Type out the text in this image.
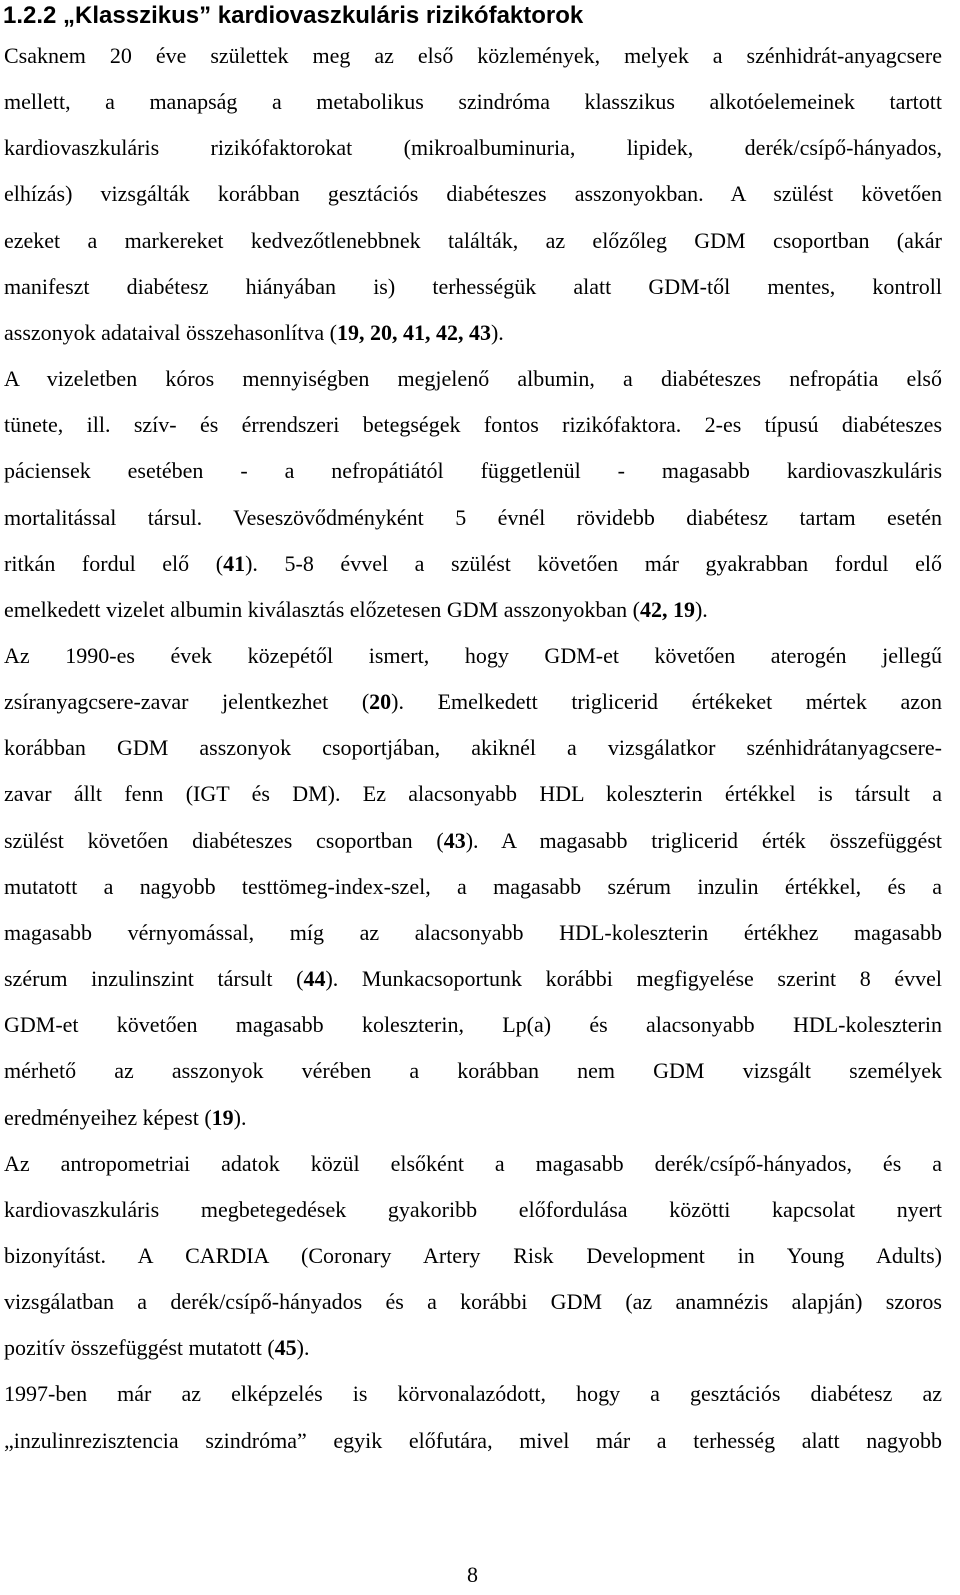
1.2.2 „Klasszikus” kardiovaszkuláris rizikófaktorok
Csaknem 20 éve születtek meg az első közlemények, melyek a szénhidrát-anyagcsere
mellett, a manapság a metabolikus szindróma klasszikus alkotóelemeinek tartott
kardiovaszkuláris rizikófaktorokat (mikroalbuminuria, lipidek, derék/csípő-hányados,
elhízás) vizsgálták korábban gesztációs diabéteszes asszonyokban. A szülést követően
ezeket a markereket kedvezőtlenebbnek találták, az előzőleg GDM csoportban (akár
manifeszt diabétesz hiányában is) terhességük alatt GDM-től mentes, kontroll
asszonyok adataival összehasonlítva (19, 20, 41, 42, 43).
A vizeletben kóros mennyiségben megjelenő albumin, a diabéteszes nefropátia első
tünete, ill. szív- és érrendszeri betegségek fontos rizikófaktora. 2-es típusú diabéteszes
páciensek esetében - a nefropátiától függetlenül - magasabb kardiovaszkuláris
mortalitással társul. Veseszövődményként 5 évnél rövidebb diabétesz tartam esetén
ritkán fordul elő (41). 5-8 évvel a szülést követően már gyakrabban fordul elő
emelkedett vizelet albumin kiválasztás előzetesen GDM asszonyokban (42, 19).
Az 1990-es évek közepétől ismert, hogy GDM-et követően aterogén jellegű
zsíranyagcsere-zavar jelentkezhet (20). Emelkedett triglicerid értékeket mértek azon
korábban GDM asszonyok csoportjában, akiknél a vizsgálatkor szénhidrátanyagcsere-
zavar állt fenn (IGT és DM). Ez alacsonyabb HDL koleszterin értékkel is társult a
szülést követően diabéteszes csoportban (43). A magasabb triglicerid érték összefüggést
mutatott a nagyobb testtömeg-index-szel, a magasabb szérum inzulin értékkel, és a
magasabb vérnyomással, míg az alacsonyabb HDL-koleszterin értékhez magasabb
szérum inzulinszint társult (44). Munkacsoportunk korábbi megfigyelése szerint 8 évvel
GDM-et követően magasabb koleszterin, Lp(a) és alacsonyabb HDL-koleszterin
mérhető az asszonyok vérében a korábban nem GDM vizsgált személyek
eredményeihez képest (19).
Az antropometriai adatok közül elsőként a magasabb derék/csípő-hányados, és a
kardiovaszkuláris megbetegedések gyakoribb előfordulása közötti kapcsolat nyert
bizonyítást. A CARDIA (Coronary Artery Risk Development in Young Adults)
vizsgálatban a derék/csípő-hányados és a korábbi GDM (az anamnézis alapján) szoros
pozitív összefüggést mutatott (45).
1997-ben már az elképzelés is körvonalazódott, hogy a gesztációs diabétesz az
„inzulinrezisztencia szindróma” egyik előfutára, mivel már a terhesség alatt nagyobb
8
